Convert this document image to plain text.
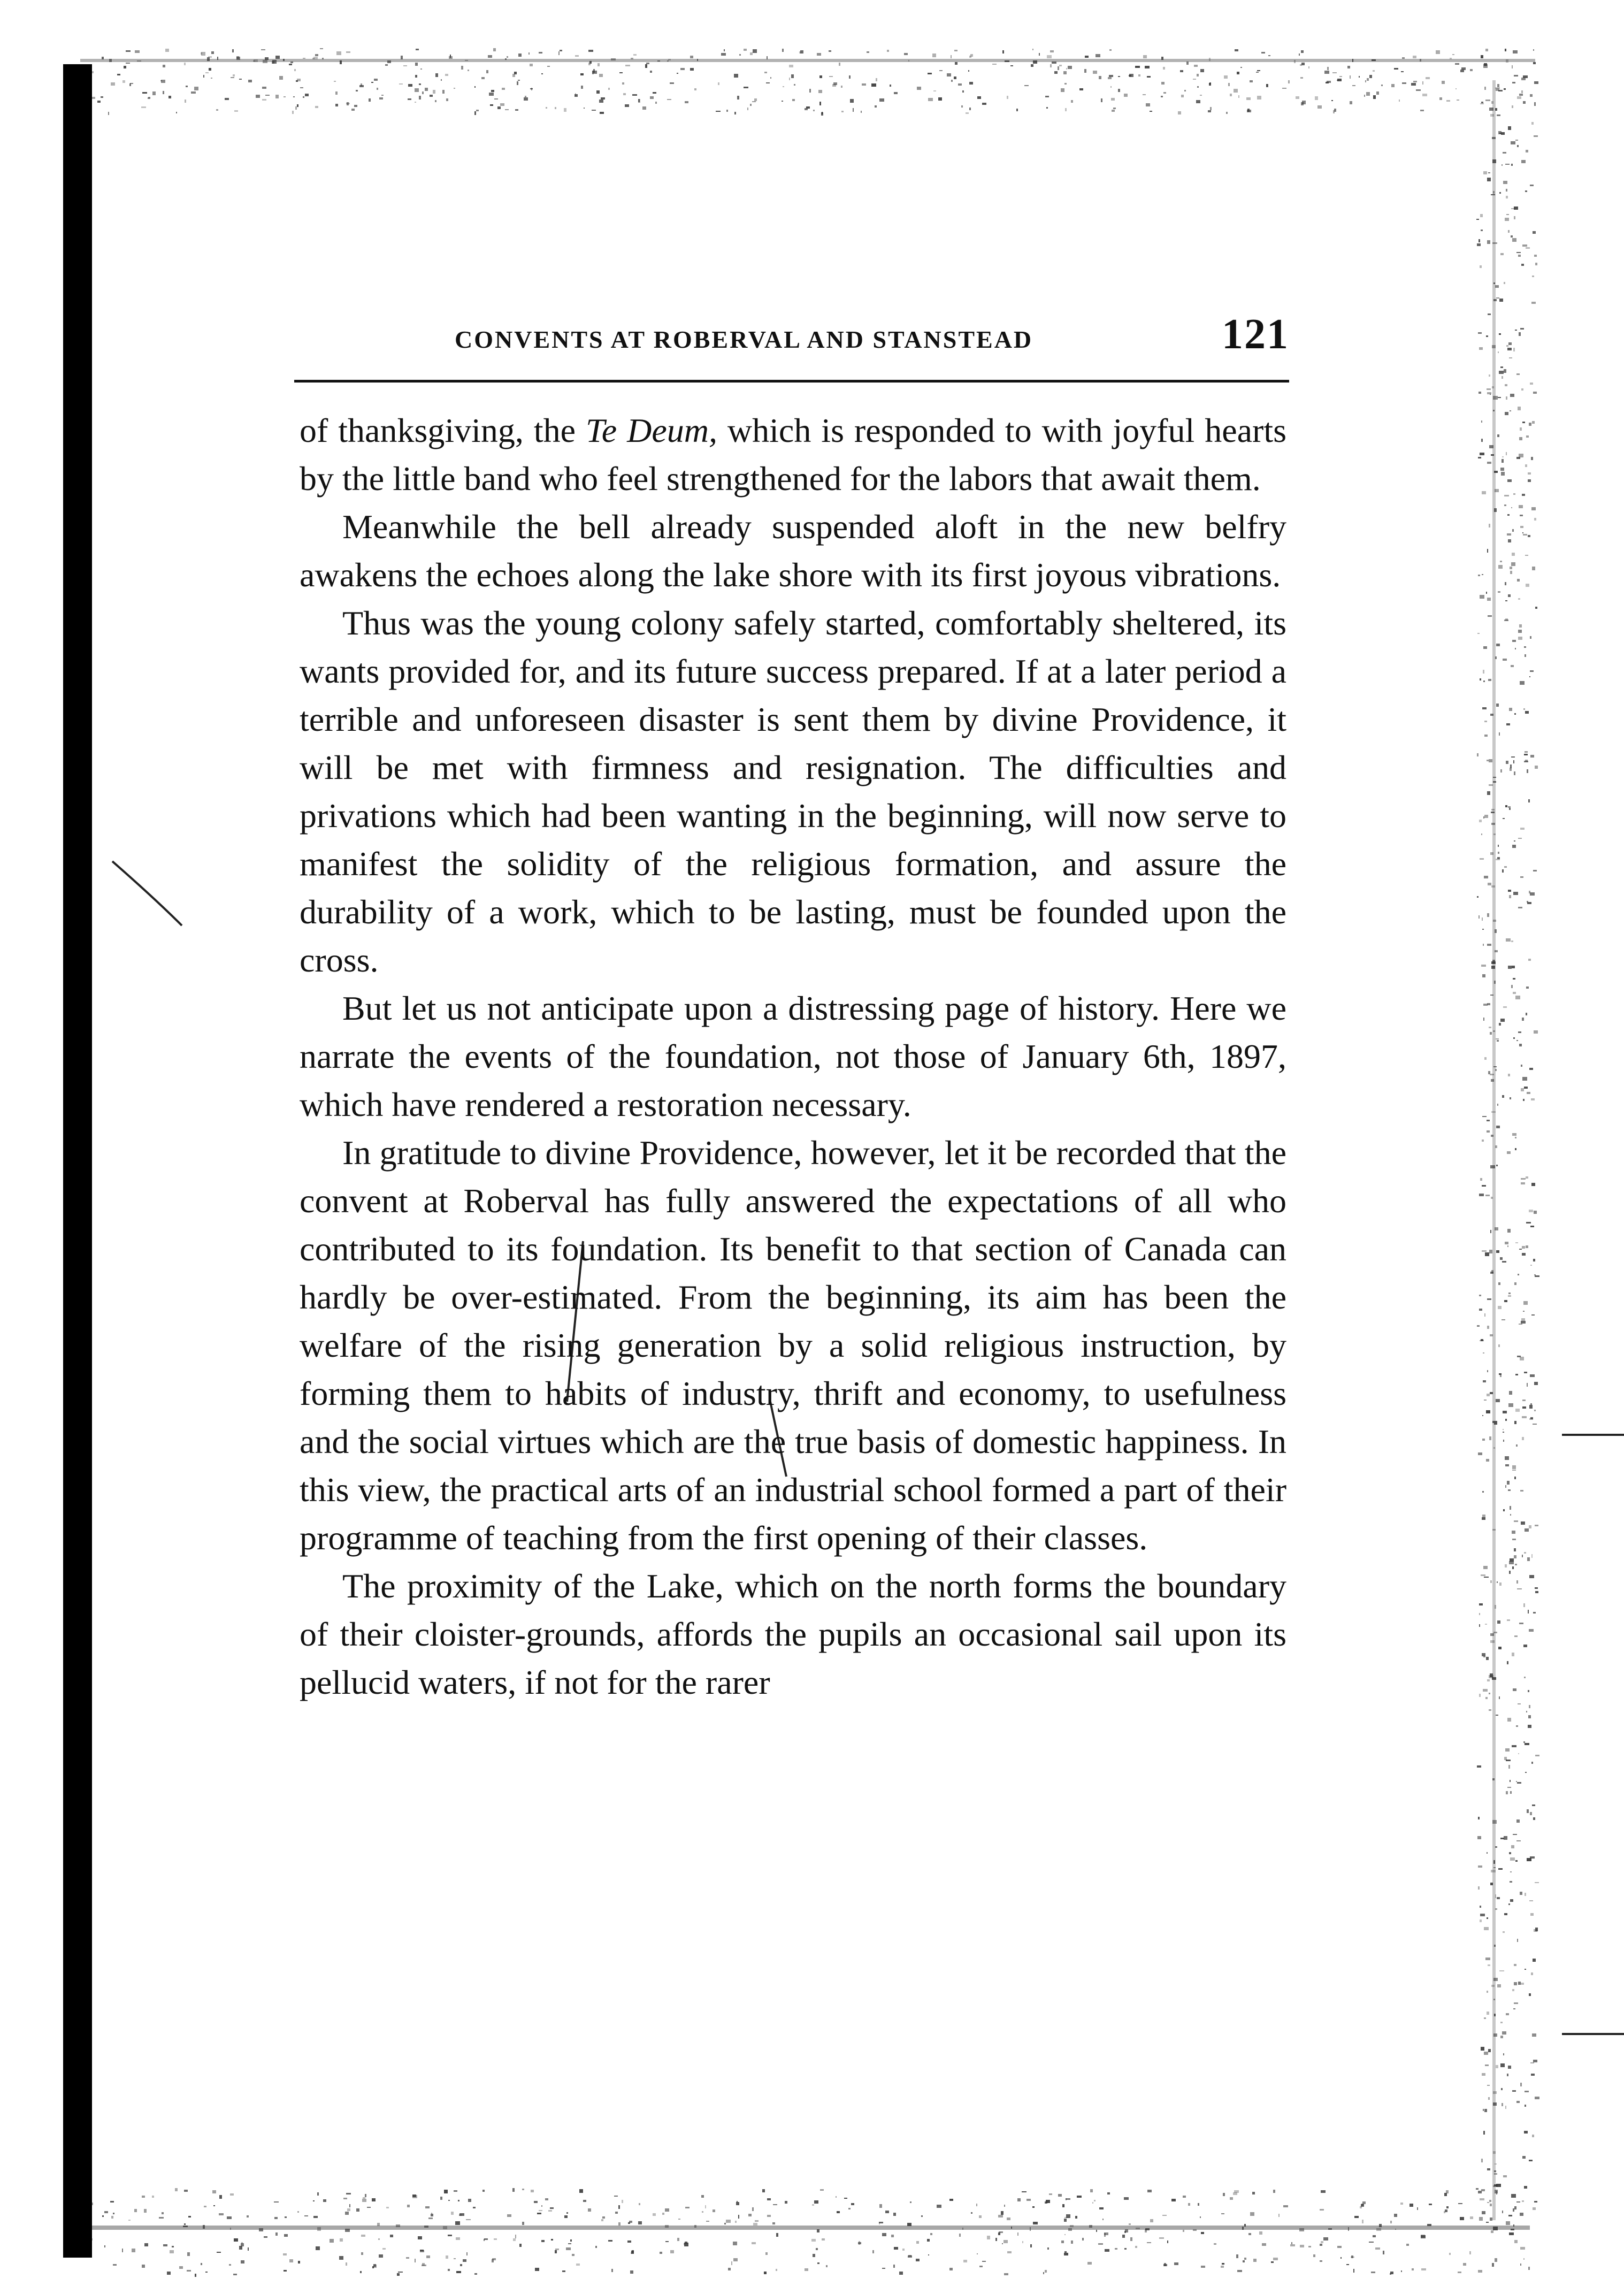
CONVENTS AT ROBERVAL AND STANSTEAD	121

of thanksgiving, the Te Deum, which is responded to with joyful hearts by the little band who feel strengthened for the labors that await them.

Meanwhile the bell already suspended aloft in the new belfry awakens the echoes along the lake shore with its first joyous vibrations.

Thus was the young colony safely started, comfortably sheltered, its wants provided for, and its future success prepared. If at a later period a terrible and unforeseen disaster is sent them by divine Providence, it will be met with firmness and resignation. The difficulties and privations which had been wanting in the beginning, will now serve to manifest the solidity of the religious formation, and assure the durability of a work, which to be lasting, must be founded upon the cross.

But let us not anticipate upon a distressing page of history. Here we narrate the events of the foundation, not those of January 6th, 1897, which have rendered a restoration necessary.

In gratitude to divine Providence, however, let it be recorded that the convent at Roberval has fully answered the expectations of all who contributed to its foundation. Its benefit to that section of Canada can hardly be over-estimated. From the beginning, its aim has been the welfare of the rising generation by a solid religious instruction, by forming them to habits of industry, thrift and economy, to usefulness and the social virtues which are the true basis of domestic happiness. In this view, the practical arts of an industrial school formed a part of their programme of teaching from the first opening of their classes.

The proximity of the Lake, which on the north forms the boundary of their cloister-grounds, affords the pupils an occasional sail upon its pellucid waters, if not for the rarer
